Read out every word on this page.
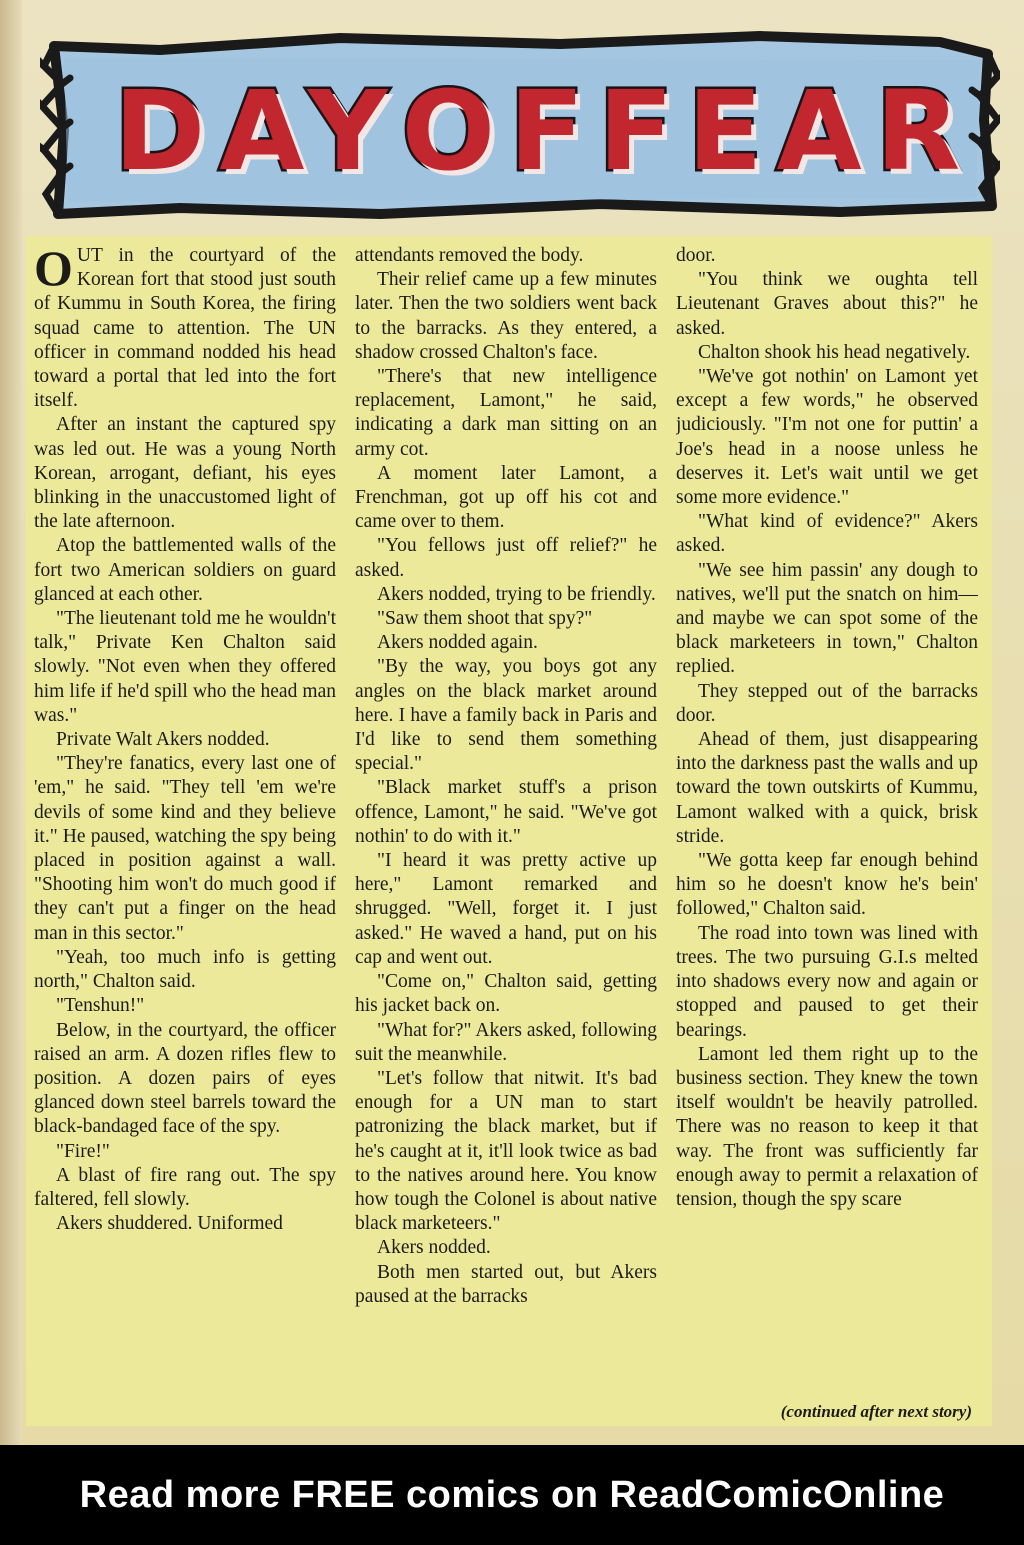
DAY OF FEAR

OUT in the courtyard of the Korean fort that stood just south of Kummu in South Korea, the firing squad came to attention. The UN officer in command nodded his head toward a portal that led into the fort itself.

After an instant the captured spy was led out. He was a young North Korean, arrogant, defiant, his eyes blinking in the unaccustomed light of the late afternoon.

Atop the battlemented walls of the fort two American soldiers on guard glanced at each other.

"The lieutenant told me he wouldn't talk," Private Ken Chalton said slowly. "Not even when they offered him life if he'd spill who the head man was."

Private Walt Akers nodded.

"They're fanatics, every last one of 'em," he said. "They tell 'em we're devils of some kind and they believe it." He paused, watching the spy being placed in position against a wall. "Shooting him won't do much good if they can't put a finger on the head man in this sector."

"Yeah, too much info is getting north," Chalton said.

"Tenshun!"

Below, in the courtyard, the officer raised an arm. A dozen rifles flew to position. A dozen pairs of eyes glanced down steel barrels toward the black-bandaged face of the spy.

"Fire!"

A blast of fire rang out. The spy faltered, fell slowly.

Akers shuddered. Uniformed

attendants removed the body.

Their relief came up a few minutes later. Then the two soldiers went back to the barracks. As they entered, a shadow crossed Chalton's face.

"There's that new intelligence replacement, Lamont," he said, indicating a dark man sitting on an army cot.

A moment later Lamont, a Frenchman, got up off his cot and came over to them.

"You fellows just off relief?" he asked.

Akers nodded, trying to be friendly.

"Saw them shoot that spy?"

Akers nodded again.

"By the way, you boys got any angles on the black market around here. I have a family back in Paris and I'd like to send them something special."

"Black market stuff's a prison offence, Lamont," he said. "We've got nothin' to do with it."

"I heard it was pretty active up here," Lamont remarked and shrugged. "Well, forget it. I just asked." He waved a hand, put on his cap and went out.

"Come on," Chalton said, getting his jacket back on.

"What for?" Akers asked, following suit the meanwhile.

"Let's follow that nitwit. It's bad enough for a UN man to start patronizing the black market, but if he's caught at it, it'll look twice as bad to the natives around here. You know how tough the Colonel is about native black marketeers."

Akers nodded.

Both men started out, but Akers paused at the barracks

door.

"You think we oughta tell Lieutenant Graves about this?" he asked.

Chalton shook his head negatively.

"We've got nothin' on Lamont yet except a few words," he observed judiciously. "I'm not one for puttin' a Joe's head in a noose unless he deserves it. Let's wait until we get some more evidence."

"What kind of evidence?" Akers asked.

"We see him passin' any dough to natives, we'll put the snatch on him—and maybe we can spot some of the black marketeers in town," Chalton replied.

They stepped out of the barracks door.

Ahead of them, just disappearing into the darkness past the walls and up toward the town outskirts of Kummu, Lamont walked with a quick, brisk stride.

"We gotta keep far enough behind him so he doesn't know he's bein' followed," Chalton said.

The road into town was lined with trees. The two pursuing G.I.s melted into shadows every now and again or stopped and paused to get their bearings.

Lamont led them right up to the business section. They knew the town itself wouldn't be heavily patrolled. There was no reason to keep it that way. The front was sufficiently far enough away to permit a relaxation of tension, though the spy scare

(continued after next story)

Read more FREE comics on ReadComicOnline
